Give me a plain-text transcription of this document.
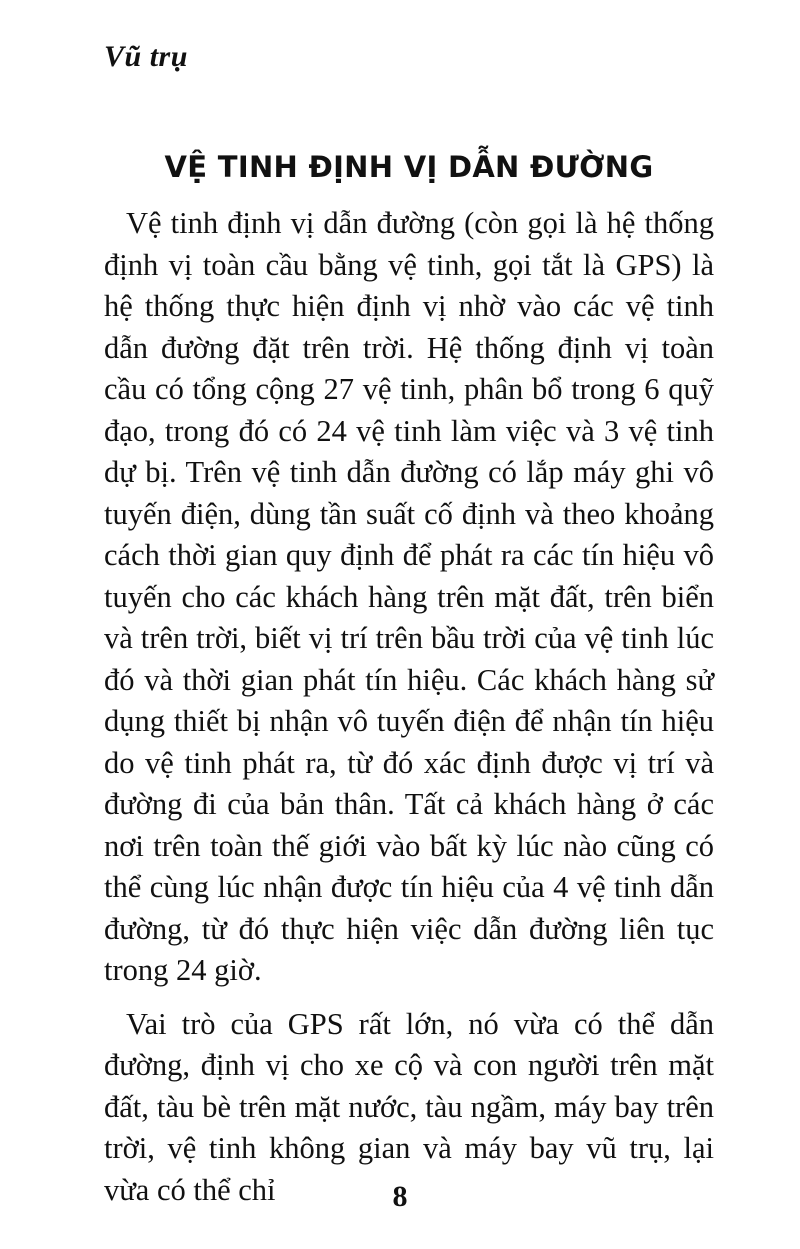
Vũ trụ
VỆ TINH ĐỊNH VỊ DẪN ĐƯỜNG

Vệ tinh định vị dẫn đường (còn gọi là hệ thống định vị toàn cầu bằng vệ tinh, gọi tắt là GPS) là hệ thống thực hiện định vị nhờ vào các vệ tinh dẫn đường đặt trên trời. Hệ thống định vị toàn cầu có tổng cộng 27 vệ tinh, phân bổ trong 6 quỹ đạo, trong đó có 24 vệ tinh làm việc và 3 vệ tinh dự bị. Trên vệ tinh dẫn đường có lắp máy ghi vô tuyến điện, dùng tần suất cố định và theo khoảng cách thời gian quy định để phát ra các tín hiệu vô tuyến cho các khách hàng trên mặt đất, trên biển và trên trời, biết vị trí trên bầu trời của vệ tinh lúc đó và thời gian phát tín hiệu. Các khách hàng sử dụng thiết bị nhận vô tuyến điện để nhận tín hiệu do vệ tinh phát ra, từ đó xác định được vị trí và đường đi của bản thân. Tất cả khách hàng ở các nơi trên toàn thế giới vào bất kỳ lúc nào cũng có thể cùng lúc nhận được tín hiệu của 4 vệ tinh dẫn đường, từ đó thực hiện việc dẫn đường liên tục trong 24 giờ.

Vai trò của GPS rất lớn, nó vừa có thể dẫn đường, định vị cho xe cộ và con người trên mặt đất, tàu bè trên mặt nước, tàu ngầm, máy bay trên trời, vệ tinh không gian và máy bay vũ trụ, lại vừa có thể chỉ	8
